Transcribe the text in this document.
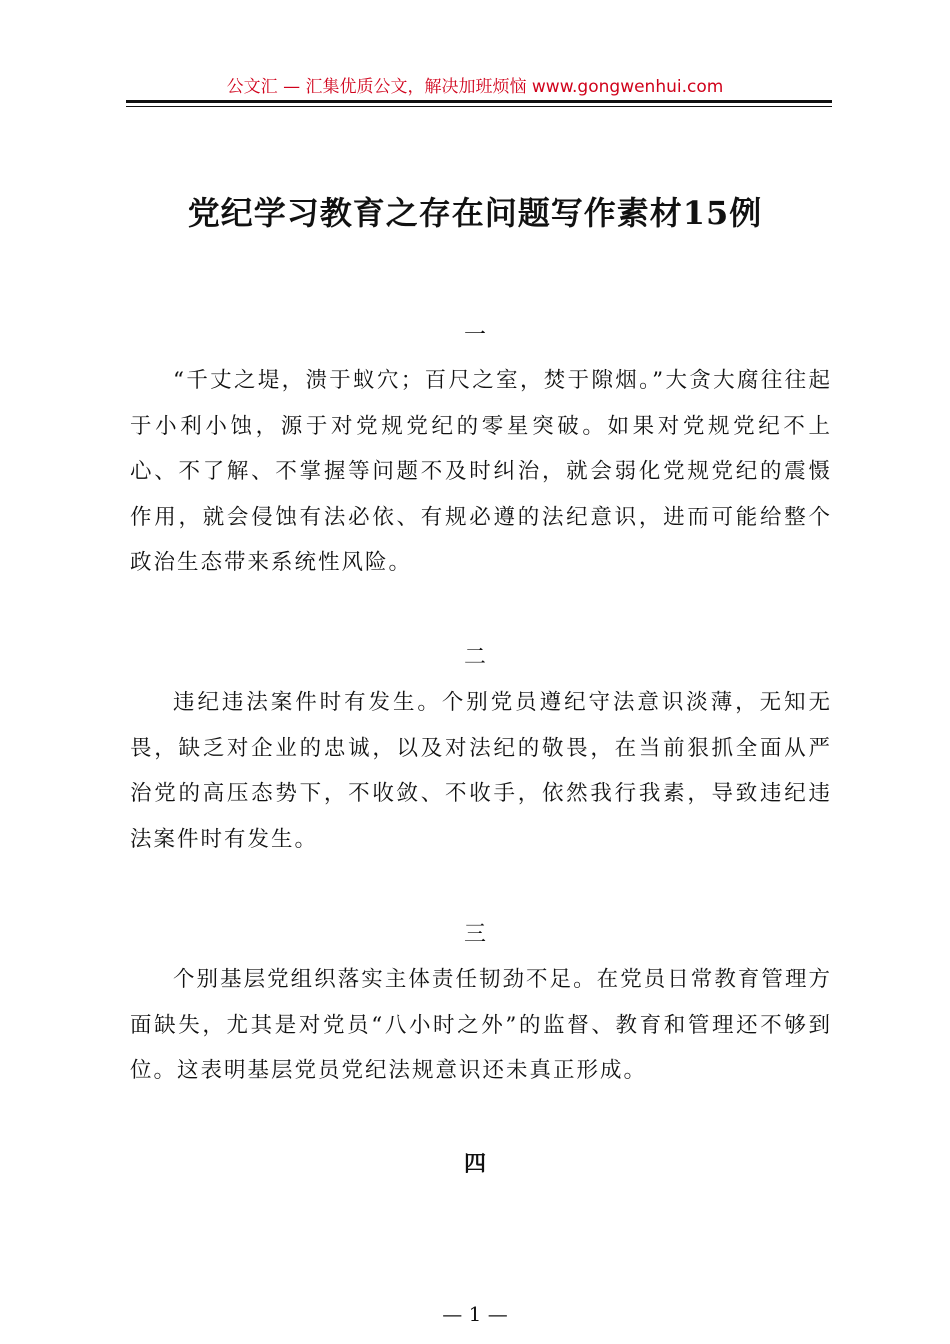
公文汇 — 汇集优质公文，解决加班烦恼 www.gongwenhui.com
党纪学习教育之存在问题写作素材15例
一

“千丈之堤，溃于蚁穴；百尺之室，焚于隙烟。”大贪大腐往往起于小利小蚀，源于对党规党纪的零星突破。如果对党规党纪不上心、不了解、不掌握等问题不及时纠治，就会弱化党规党纪的震慑作用，就会侵蚀有法必依、有规必遵的法纪意识，进而可能给整个政治生态带来系统性风险。

二

违纪违法案件时有发生。个别党员遵纪守法意识淡薄，无知无畏，缺乏对企业的忠诚，以及对法纪的敬畏，在当前狠抓全面从严治党的高压态势下，不收敛、不收手，依然我行我素，导致违纪违法案件时有发生。

三

个别基层党组织落实主体责任韧劲不足。在党员日常教育管理方面缺失，尤其是对党员“八小时之外”的监督、教育和管理还不够到位。这表明基层党员党纪法规意识还未真正形成。

四
— 1 —
